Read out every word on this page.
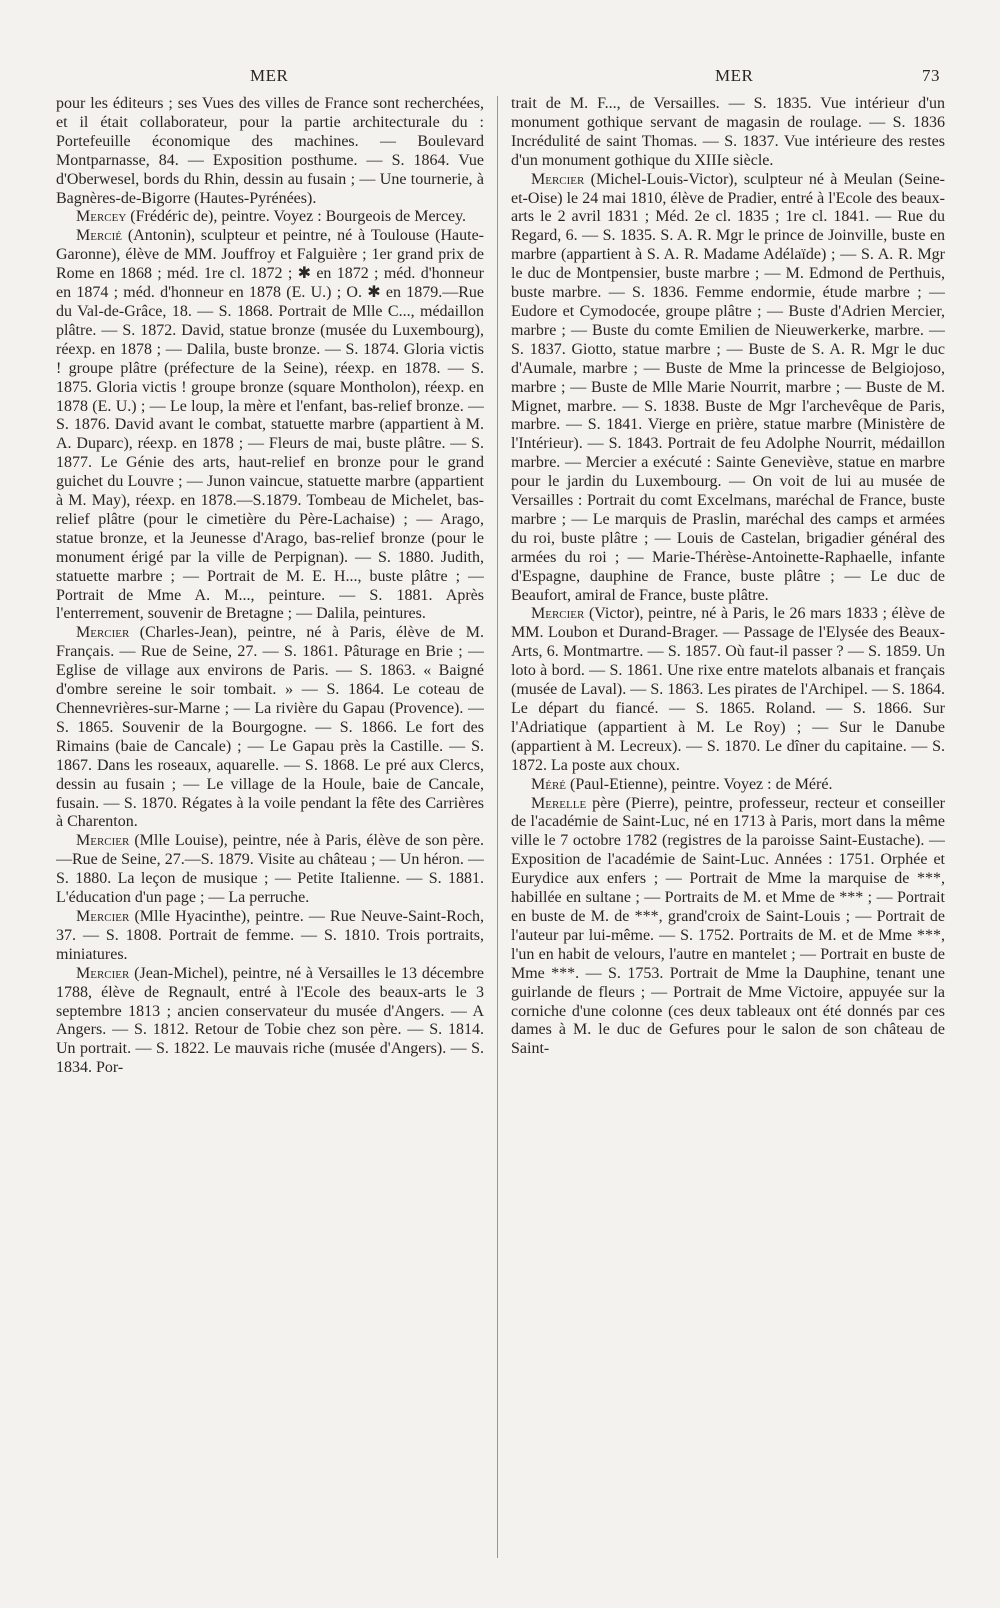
MER	MER	73

pour les éditeurs ; ses Vues des villes de France sont recherchées, et il était collaborateur, pour la partie architecturale du : Portefeuille économique des machines. — Boulevard Montparnasse, 84. — Exposition posthume. — S. 1864. Vue d'Oberwesel, bords du Rhin, dessin au fusain ; — Une tournerie, à Bagnères-de-Bigorre (Hautes-Pyrénées).

Mercey (Frédéric de), peintre. Voyez : Bourgeois de Mercey.

Mercié (Antonin), sculpteur et peintre, né à Toulouse (Haute-Garonne), élève de MM. Jouffroy et Falguière ; 1er grand prix de Rome en 1868 ; méd. 1re cl. 1872 ; ✱ en 1872 ; méd. d'honneur en 1874 ; méd. d'honneur en 1878 (E. U.) ; O. ✱ en 1879.—Rue du Val-de-Grâce, 18. — S. 1868. Portrait de Mlle C..., médaillon plâtre. — S. 1872. David, statue bronze (musée du Luxembourg), réexp. en 1878 ; — Dalila, buste bronze. — S. 1874. Gloria victis ! groupe plâtre (préfecture de la Seine), réexp. en 1878. — S. 1875. Gloria victis ! groupe bronze (square Montholon), réexp. en 1878 (E. U.) ; — Le loup, la mère et l'enfant, bas-relief bronze. — S. 1876. David avant le combat, statuette marbre (appartient à M. A. Duparc), réexp. en 1878 ; — Fleurs de mai, buste plâtre. — S. 1877. Le Génie des arts, haut-relief en bronze pour le grand guichet du Louvre ; — Junon vaincue, statuette marbre (appartient à M. May), réexp. en 1878.—S.1879. Tombeau de Michelet, bas-relief plâtre (pour le cimetière du Père-Lachaise) ; — Arago, statue bronze, et la Jeunesse d'Arago, bas-relief bronze (pour le monument érigé par la ville de Perpignan). — S. 1880. Judith, statuette marbre ; — Portrait de M. E. H..., buste plâtre ; — Portrait de Mme A. M..., peinture. — S. 1881. Après l'enterrement, souvenir de Bretagne ; — Dalila, peintures.

Mercier (Charles-Jean), peintre, né à Paris, élève de M. Français. — Rue de Seine, 27. — S. 1861. Pâturage en Brie ; — Eglise de village aux environs de Paris. — S. 1863. « Baigné d'ombre sereine le soir tombait. » — S. 1864. Le coteau de Chennevrières-sur-Marne ; — La rivière du Gapau (Provence). — S. 1865. Souvenir de la Bourgogne. — S. 1866. Le fort des Rimains (baie de Cancale) ; — Le Gapau près la Castille. — S. 1867. Dans les roseaux, aquarelle. — S. 1868. Le pré aux Clercs, dessin au fusain ; — Le village de la Houle, baie de Cancale, fusain. — S. 1870. Régates à la voile pendant la fête des Carrières à Charenton.

Mercier (Mlle Louise), peintre, née à Paris, élève de son père.—Rue de Seine, 27.—S. 1879. Visite au château ; — Un héron. — S. 1880. La leçon de musique ; — Petite Italienne. — S. 1881. L'éducation d'un page ; — La perruche.

Mercier (Mlle Hyacinthe), peintre. — Rue Neuve-Saint-Roch, 37. — S. 1808. Portrait de femme. — S. 1810. Trois portraits, miniatures.

Mercier (Jean-Michel), peintre, né à Versailles le 13 décembre 1788, élève de Regnault, entré à l'Ecole des beaux-arts le 3 septembre 1813 ; ancien conservateur du musée d'Angers. — A Angers. — S. 1812. Retour de Tobie chez son père. — S. 1814. Un portrait. — S. 1822. Le mauvais riche (musée d'Angers). — S. 1834. Por-

trait de M. F..., de Versailles. — S. 1835. Vue intérieur d'un monument gothique servant de magasin de roulage. — S. 1836 Incrédulité de saint Thomas. — S. 1837. Vue intérieure des restes d'un monument gothique du XIIIe siècle.

Mercier (Michel-Louis-Victor), sculpteur né à Meulan (Seine-et-Oise) le 24 mai 1810, élève de Pradier, entré à l'Ecole des beaux-arts le 2 avril 1831 ; Méd. 2e cl. 1835 ; 1re cl. 1841. — Rue du Regard, 6. — S. 1835. S. A. R. Mgr le prince de Joinville, buste en marbre (appartient à S. A. R. Madame Adélaïde) ; — S. A. R. Mgr le duc de Montpensier, buste marbre ; — M. Edmond de Perthuis, buste marbre. — S. 1836. Femme endormie, étude marbre ; — Eudore et Cymodocée, groupe plâtre ; — Buste d'Adrien Mercier, marbre ; — Buste du comte Emilien de Nieuwerkerke, marbre. — S. 1837. Giotto, statue marbre ; — Buste de S. A. R. Mgr le duc d'Aumale, marbre ; — Buste de Mme la princesse de Belgiojoso, marbre ; — Buste de Mlle Marie Nourrit, marbre ; — Buste de M. Mignet, marbre. — S. 1838. Buste de Mgr l'archevêque de Paris, marbre. — S. 1841. Vierge en prière, statue marbre (Ministère de l'Intérieur). — S. 1843. Portrait de feu Adolphe Nourrit, médaillon marbre. — Mercier a exécuté : Sainte Geneviève, statue en marbre pour le jardin du Luxembourg. — On voit de lui au musée de Versailles : Portrait du comt Excelmans, maréchal de France, buste marbre ; — Le marquis de Praslin, maréchal des camps et armées du roi, buste plâtre ; — Louis de Castelan, brigadier général des armées du roi ; — Marie-Thérèse-Antoinette-Raphaelle, infante d'Espagne, dauphine de France, buste plâtre ; — Le duc de Beaufort, amiral de France, buste plâtre.

Mercier (Victor), peintre, né à Paris, le 26 mars 1833 ; élève de MM. Loubon et Durand-Brager. — Passage de l'Elysée des Beaux-Arts, 6. Montmartre. — S. 1857. Où faut-il passer ? — S. 1859. Un loto à bord. — S. 1861. Une rixe entre matelots albanais et français (musée de Laval). — S. 1863. Les pirates de l'Archipel. — S. 1864. Le départ du fiancé. — S. 1865. Roland. — S. 1866. Sur l'Adriatique (appartient à M. Le Roy) ; — Sur le Danube (appartient à M. Lecreux). — S. 1870. Le dîner du capitaine. — S. 1872. La poste aux choux.

Méré (Paul-Etienne), peintre. Voyez : de Méré.

Merelle père (Pierre), peintre, professeur, recteur et conseiller de l'académie de Saint-Luc, né en 1713 à Paris, mort dans la même ville le 7 octobre 1782 (registres de la paroisse Saint-Eustache). — Exposition de l'académie de Saint-Luc. Années : 1751. Orphée et Eurydice aux enfers ; — Portrait de Mme la marquise de ***, habillée en sultane ; — Portraits de M. et Mme de *** ; — Portrait en buste de M. de ***, grand'croix de Saint-Louis ; — Portrait de l'auteur par lui-même. — S. 1752. Portraits de M. et de Mme ***, l'un en habit de velours, l'autre en mantelet ; — Portrait en buste de Mme ***. — S. 1753. Portrait de Mme la Dauphine, tenant une guirlande de fleurs ; — Portrait de Mme Victoire, appuyée sur la corniche d'une colonne (ces deux tableaux ont été donnés par ces dames à M. le duc de Gefures pour le salon de son château de Saint-
